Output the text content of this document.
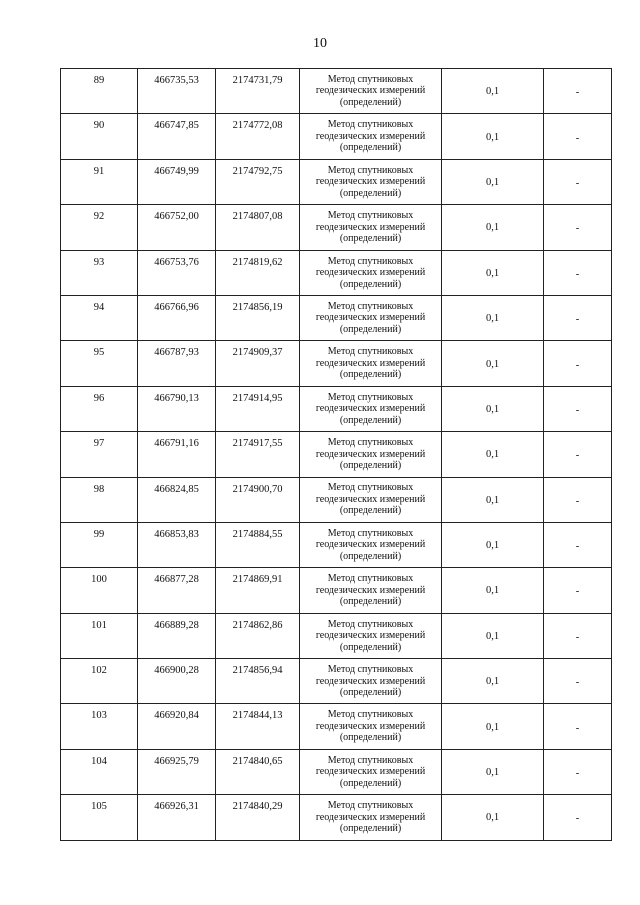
10
89	466735,53	2174731,79	Метод спутниковых геодезических измерений (определений)	0,1	-
90	466747,85	2174772,08	Метод спутниковых геодезических измерений (определений)	0,1	-
91	466749,99	2174792,75	Метод спутниковых геодезических измерений (определений)	0,1	-
92	466752,00	2174807,08	Метод спутниковых геодезических измерений (определений)	0,1	-
93	466753,76	2174819,62	Метод спутниковых геодезических измерений (определений)	0,1	-
94	466766,96	2174856,19	Метод спутниковых геодезических измерений (определений)	0,1	-
95	466787,93	2174909,37	Метод спутниковых геодезических измерений (определений)	0,1	-
96	466790,13	2174914,95	Метод спутниковых геодезических измерений (определений)	0,1	-
97	466791,16	2174917,55	Метод спутниковых геодезических измерений (определений)	0,1	-
98	466824,85	2174900,70	Метод спутниковых геодезических измерений (определений)	0,1	-
99	466853,83	2174884,55	Метод спутниковых геодезических измерений (определений)	0,1	-
100	466877,28	2174869,91	Метод спутниковых геодезических измерений (определений)	0,1	-
101	466889,28	2174862,86	Метод спутниковых геодезических измерений (определений)	0,1	-
102	466900,28	2174856,94	Метод спутниковых геодезических измерений (определений)	0,1	-
103	466920,84	2174844,13	Метод спутниковых геодезических измерений (определений)	0,1	-
104	466925,79	2174840,65	Метод спутниковых геодезических измерений (определений)	0,1	-
105	466926,31	2174840,29	Метод спутниковых геодезических измерений (определений)	0,1	-
